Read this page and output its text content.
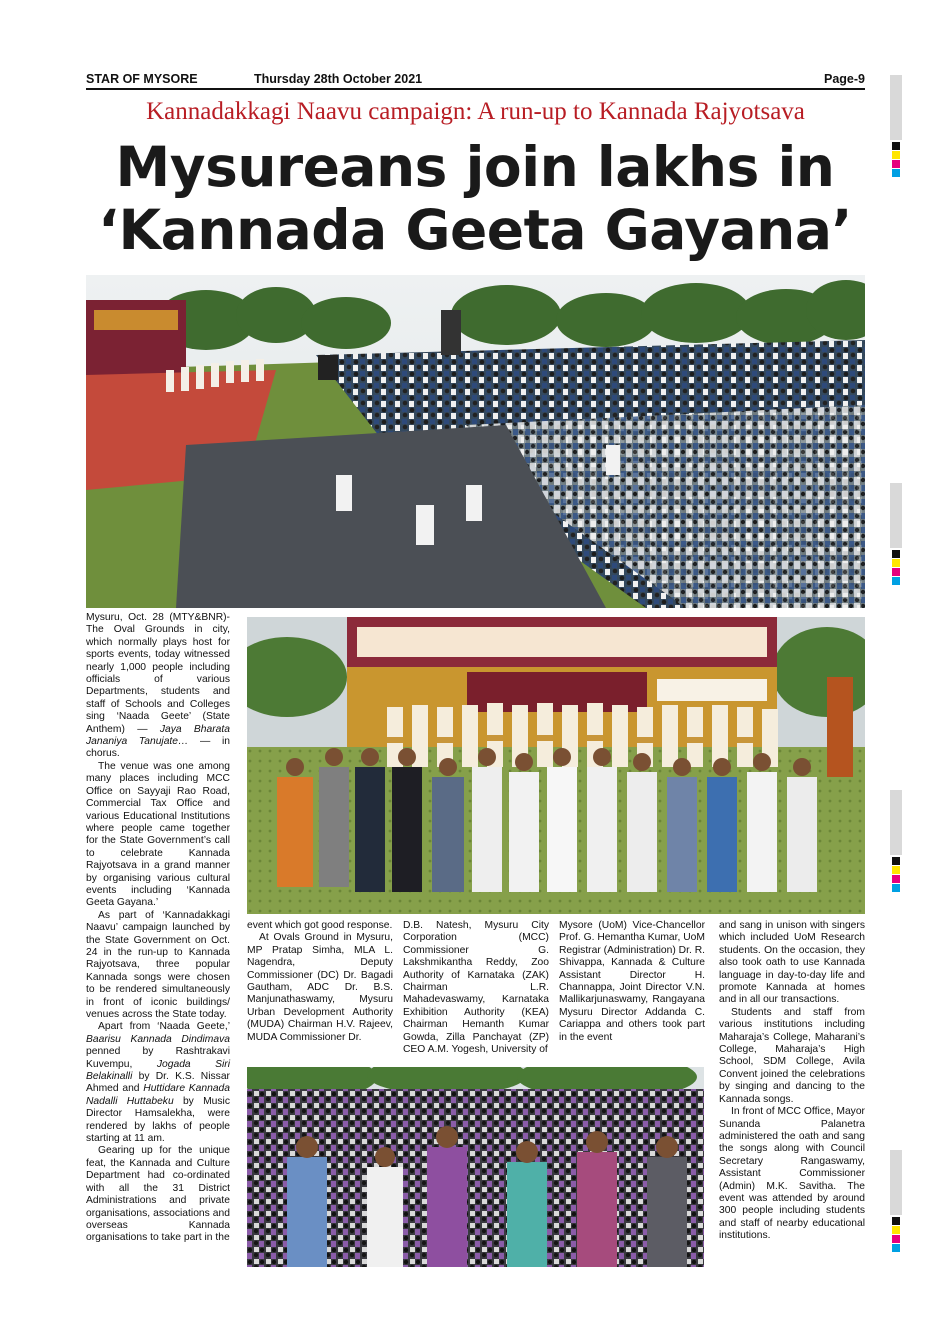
STAR OF MYSORE	Thursday 28th October 2021	Page-9
Kannadakkagi Naavu campaign: A run-up to Kannada Rajyotsava
Mysureans join lakhs in
‘Kannada Geeta Gayana’

Mysuru, Oct. 28 (MTY&BNR)- The Oval Grounds in city, which normally plays host for sports events, today witnessed nearly 1,000 people including officials of various Departments, students and staff of Schools and Colleges sing ‘Naada Geete’ (State Anthem) — Jaya Bharata Jananiya Tanujate… — in chorus.

The venue was one among many places including MCC Office on Sayyaji Rao Road, Commercial Tax Office and various Educational Institutions where people came together for the State Government’s call to celebrate Kannada Rajyotsava in a grand manner by organising various cultural events including ‘Kannada Geeta Gayana.’

As part of ‘Kannadakkagi Naavu’ campaign launched by the State Government on Oct. 24 in the run-up to Kannada Rajyotsava, three popular Kannada songs were chosen to be rendered simultaneously in front of iconic buildings/ venues across the State today.

Apart from ‘Naada Geete,’ Baarisu Kannada Dindimava penned by Rashtrakavi Kuvempu, Jogada Siri Belakinalli by Dr. K.S. Nissar Ahmed and Huttidare Kannada Nadalli Huttabeku by Music Director Hamsalekha, were rendered by lakhs of people starting at 11 am.

Gearing up for the unique feat, the Kannada and Culture Department had co-ordinated with all the 31 District Administrations and private organisations, associations and overseas Kannada organisations to take part in the

event which got good response.

At Ovals Ground in Mysuru, MP Pratap Simha, MLA L. Nagendra, Deputy Commissioner (DC) Dr. Bagadi Gautham, ADC Dr. B.S. Manjunathaswamy, Mysuru Urban Development Authority (MUDA) Chairman H.V. Rajeev, MUDA Commissioner Dr.

D.B. Natesh, Mysuru City Corporation (MCC) Commissioner G. Lakshmikantha Reddy, Zoo Authority of Karnataka (ZAK) Chairman L.R. Mahadevaswamy, Karnataka Exhibition Authority (KEA) Chairman Hemanth Kumar Gowda, Zilla Panchayat (ZP) CEO A.M. Yogesh, University of

Mysore (UoM) Vice-Chancellor Prof. G. Hemantha Kumar, UoM Registrar (Administration) Dr. R. Shivappa, Kannada & Culture Assistant Director H. Channappa, Joint Director V.N. Mallikarjunaswamy, Rangayana Mysuru Director Addanda C. Cariappa and others took part in the event

and sang in unison with singers which included UoM Research students. On the occasion, they also took oath to use Kannada language in day-to-day life and promote Kannada at homes and in all our transactions.

Students and staff from various institutions including Maharaja’s College, Maharani’s College, Maharaja’s High School, SDM College, Avila Convent joined the celebrations by singing and dancing to the Kannada songs.

In front of MCC Office, Mayor Sunanda Palanetra administered the oath and sang the songs along with Council Secretary Rangaswamy, Assistant Commissioner (Admin) M.K. Savitha. The event was attended by around 300 people including students and staff of nearby educational institutions.
